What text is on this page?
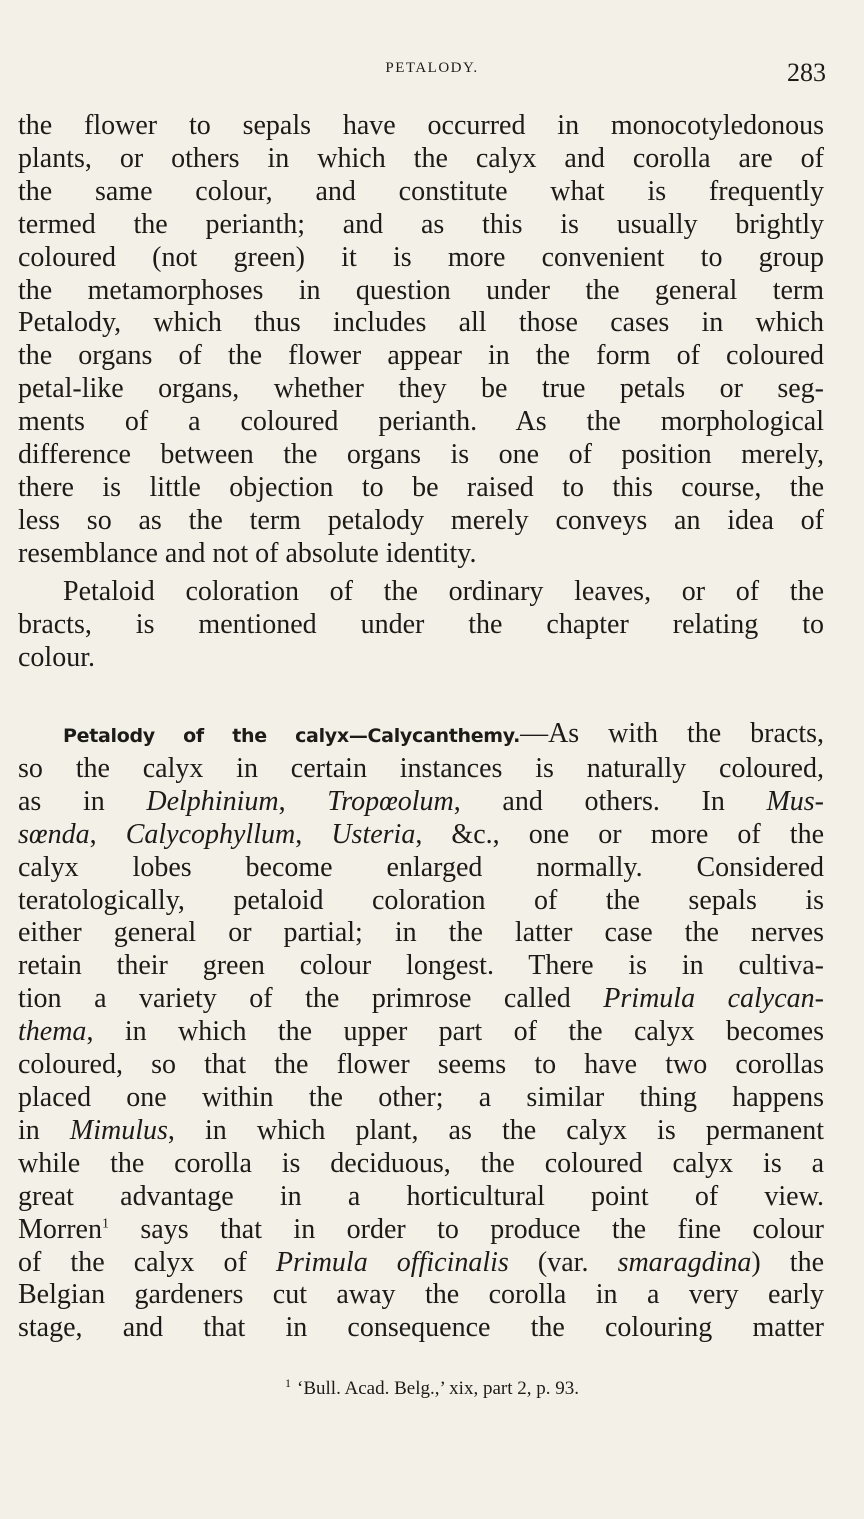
PETALODY.	283
the flower to sepals have occurred in monocotyledonous
plants, or others in which the calyx and corolla are of
the same colour, and constitute what is frequently
termed the perianth; and as this is usually brightly
coloured (not green) it is more convenient to group
the metamorphoses in question under the general term
Petalody, which thus includes all those cases in which
the organs of the flower appear in the form of coloured
petal-like organs, whether they be true petals or seg-
ments of a coloured perianth. As the morphological
difference between the organs is one of position merely,
there is little objection to be raised to this course, the
less so as the term petalody merely conveys an idea of
resemblance and not of absolute identity.
Petaloid coloration of the ordinary leaves, or of the
bracts, is mentioned under the chapter relating to
colour.
Petalody of the calyx—Calycanthemy.—As with the bracts,
so the calyx in certain instances is naturally coloured,
as in Delphinium, Tropœolum, and others. In Mus-
sœnda, Calycophyllum, Usteria, &c., one or more of the
calyx lobes become enlarged normally. Considered
teratologically, petaloid coloration of the sepals is
either general or partial; in the latter case the nerves
retain their green colour longest. There is in cultiva-
tion a variety of the primrose called Primula calycan-
thema, in which the upper part of the calyx becomes
coloured, so that the flower seems to have two corollas
placed one within the other; a similar thing happens
in Mimulus, in which plant, as the calyx is permanent
while the corolla is deciduous, the coloured calyx is a
great advantage in a horticultural point of view.
Morren$^1$ says that in order to produce the fine colour
of the calyx of Primula officinalis (var. smaragdina) the
Belgian gardeners cut away the corolla in a very early
stage, and that in consequence the colouring matter
$^1$ ‘Bull. Acad. Belg.,’ xix, part 2, p. 93.
